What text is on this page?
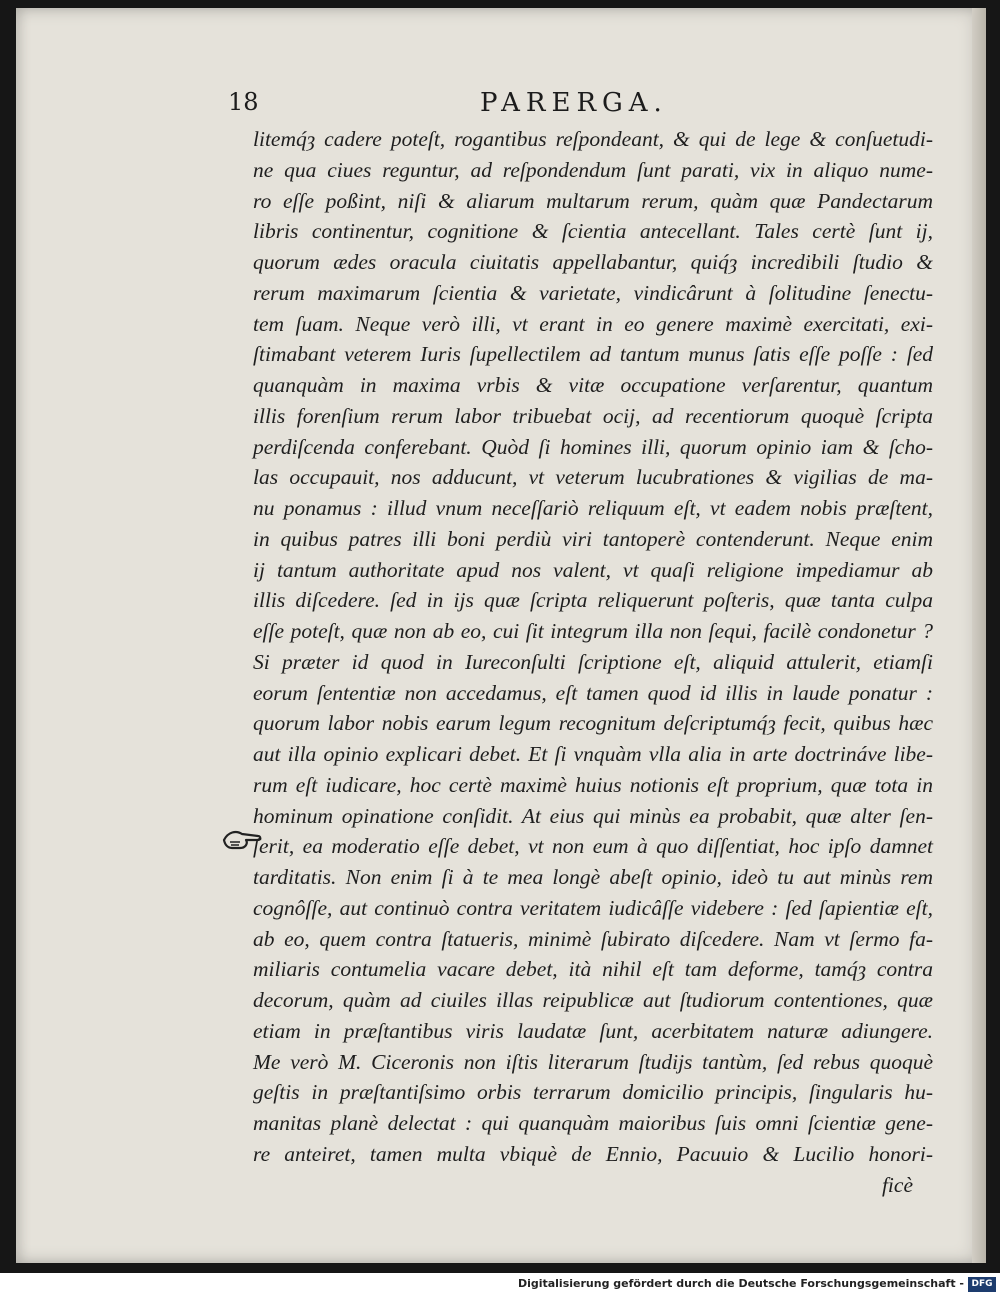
18	PARERGA.
litemq́ȝ cadere poteſt, rogantibus reſpondeant, & qui de lege & conſuetudi-
ne qua ciues reguntur, ad reſpondendum ſunt parati, vix in aliquo nume-
ro eſſe poßint, niſi & aliarum multarum rerum, quàm quæ Pandectarum
libris continentur, cognitione & ſcientia antecellant. Tales certè ſunt ij,
quorum ædes oracula ciuitatis appellabantur, quiq́ȝ incredibili ſtudio &
rerum maximarum ſcientia & varietate, vindicârunt à ſolitudine ſenectu-
tem ſuam. Neque verò illi, vt erant in eo genere maximè exercitati, exi-
ſtimabant veterem Iuris ſupellectilem ad tantum munus ſatis eſſe poſſe : ſed
quanquàm in maxima vrbis & vitæ occupatione verſarentur, quantum
illis forenſium rerum labor tribuebat ocij, ad recentiorum quoquè ſcripta
perdiſcenda conferebant. Quòd ſi homines illi, quorum opinio iam & ſcho-
las occupauit, nos adducunt, vt veterum lucubrationes & vigilias de ma-
nu ponamus : illud vnum neceſſariò reliquum eſt, vt eadem nobis præſtent,
in quibus patres illi boni perdiù viri tantoperè contenderunt. Neque enim
ij tantum authoritate apud nos valent, vt quaſi religione impediamur ab
illis diſcedere. ſed in ijs quæ ſcripta reliquerunt poſteris, quæ tanta culpa
eſſe poteſt, quæ non ab eo, cui ſit integrum illa non ſequi, facilè condonetur ?
Si præter id quod in Iureconſulti ſcriptione eſt, aliquid attulerit, etiamſi
eorum ſententiæ non accedamus, eſt tamen quod id illis in laude ponatur :
quorum labor nobis earum legum recognitum deſcriptumq́ȝ fecit, quibus hæc
aut illa opinio explicari debet. Et ſi vnquàm vlla alia in arte doctrináve libe-
rum eſt iudicare, hoc certè maximè huius notionis eſt proprium, quæ tota in
hominum opinatione conſidit. At eius qui minùs ea probabit, quæ alter ſen-
ſerit, ea moderatio eſſe debet, vt non eum à quo diſſentiat, hoc ipſo damnet
tarditatis. Non enim ſi à te mea longè abeſt opinio, ideò tu aut minùs rem
cognôſſe, aut continuò contra veritatem iudicâſſe videbere : ſed ſapientiæ eſt,
ab eo, quem contra ſtatueris, minimè ſubirato diſcedere. Nam vt ſermo fa-
miliaris contumelia vacare debet, ità nihil eſt tam deforme, tamq́ȝ contra
decorum, quàm ad ciuiles illas reipublicæ aut ſtudiorum contentiones, quæ
etiam in præſtantibus viris laudatæ ſunt, acerbitatem naturæ adiungere.
Me verò M. Ciceronis non iſtis literarum ſtudijs tantùm, ſed rebus quoquè
geſtis in præſtantiſsimo orbis terrarum domicilio principis, ſingularis hu-
manitas planè delectat : qui quanquàm maioribus ſuis omni ſcientiæ gene-
re anteiret, tamen multa vbiquè de Ennio, Pacuuio & Lucilio honori-
ficè
Digitalisierung gefördert durch die Deutsche Forschungsgemeinschaft - DFG
